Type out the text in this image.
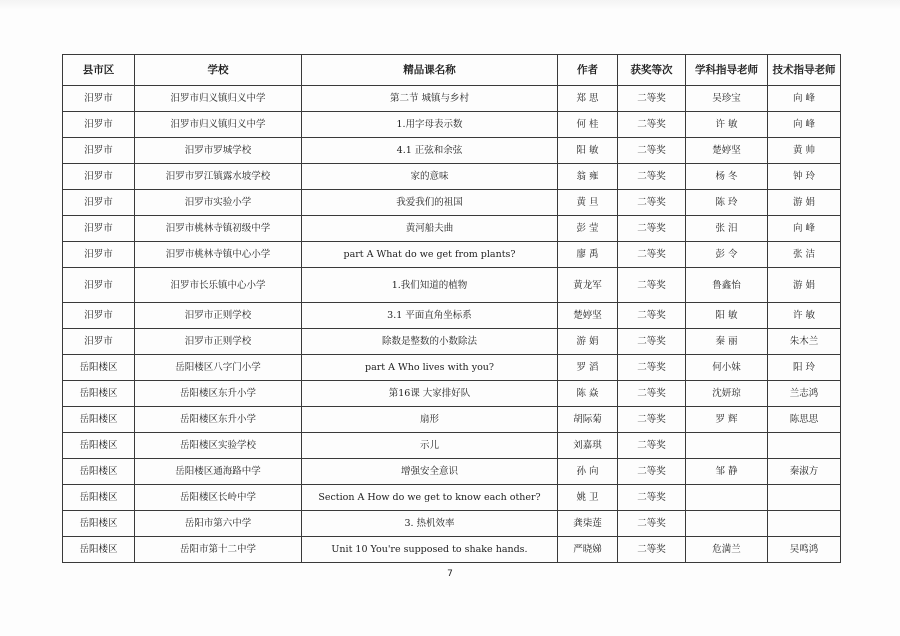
县市区	学校	精品课名称	作者	获奖等次	学科指导老师	技术指导老师
汨罗市	汨罗市归义镇归义中学	第二节 城镇与乡村	郑 思	二等奖	吴珍宝	向 峰
汨罗市	汨罗市归义镇归义中学	1.用字母表示数	何 桂	二等奖	许 敏	向 峰
汨罗市	汨罗市罗城学校	4.1 正弦和余弦	阳 敏	二等奖	楚婷坚	黄 帅
汨罗市	汨罗市罗江镇露水坡学校	家的意味	翁 雍	二等奖	杨 冬	钟 玲
汨罗市	汨罗市实验小学	我爱我们的祖国	黄 旦	二等奖	陈 玲	游 娟
汨罗市	汨罗市桃林寺镇初级中学	黄河船夫曲	彭 莹	二等奖	张 汨	向 峰
汨罗市	汨罗市桃林寺镇中心小学	part A What do we get from plants?	廖 禹	二等奖	彭 令	张 洁
汨罗市	汨罗市长乐镇中心小学	1.我们知道的植物	黄龙军	二等奖	鲁鑫怡	游 娟
汨罗市	汨罗市正则学校	3.1 平面直角坐标系	楚婷坚	二等奖	阳 敏	许 敏
汨罗市	汨罗市正则学校	除数是整数的小数除法	游 娟	二等奖	秦 丽	朱木兰
岳阳楼区	岳阳楼区八字门小学	part A Who lives with you?	罗 滔	二等奖	何小妹	阳 玲
岳阳楼区	岳阳楼区东升小学	第16课 大家排好队	陈 焱	二等奖	沈妍琼	兰志鸿
岳阳楼区	岳阳楼区东升小学	扇形	胡际菊	二等奖	罗 辉	陈思思
岳阳楼区	岳阳楼区实验学校	示儿	刘嘉琪	二等奖		
岳阳楼区	岳阳楼区通海路中学	增强安全意识	孙 向	二等奖	邹 静	秦淑方
岳阳楼区	岳阳楼区长岭中学	Section A How do we get to know each other?	姚 卫	二等奖		
岳阳楼区	岳阳市第六中学	3. 热机效率	龚柒莲	二等奖		
岳阳楼区	岳阳市第十二中学	Unit 10 You're supposed to shake hands.	严晓娣	二等奖	危満兰	吴鸣鸿
7
